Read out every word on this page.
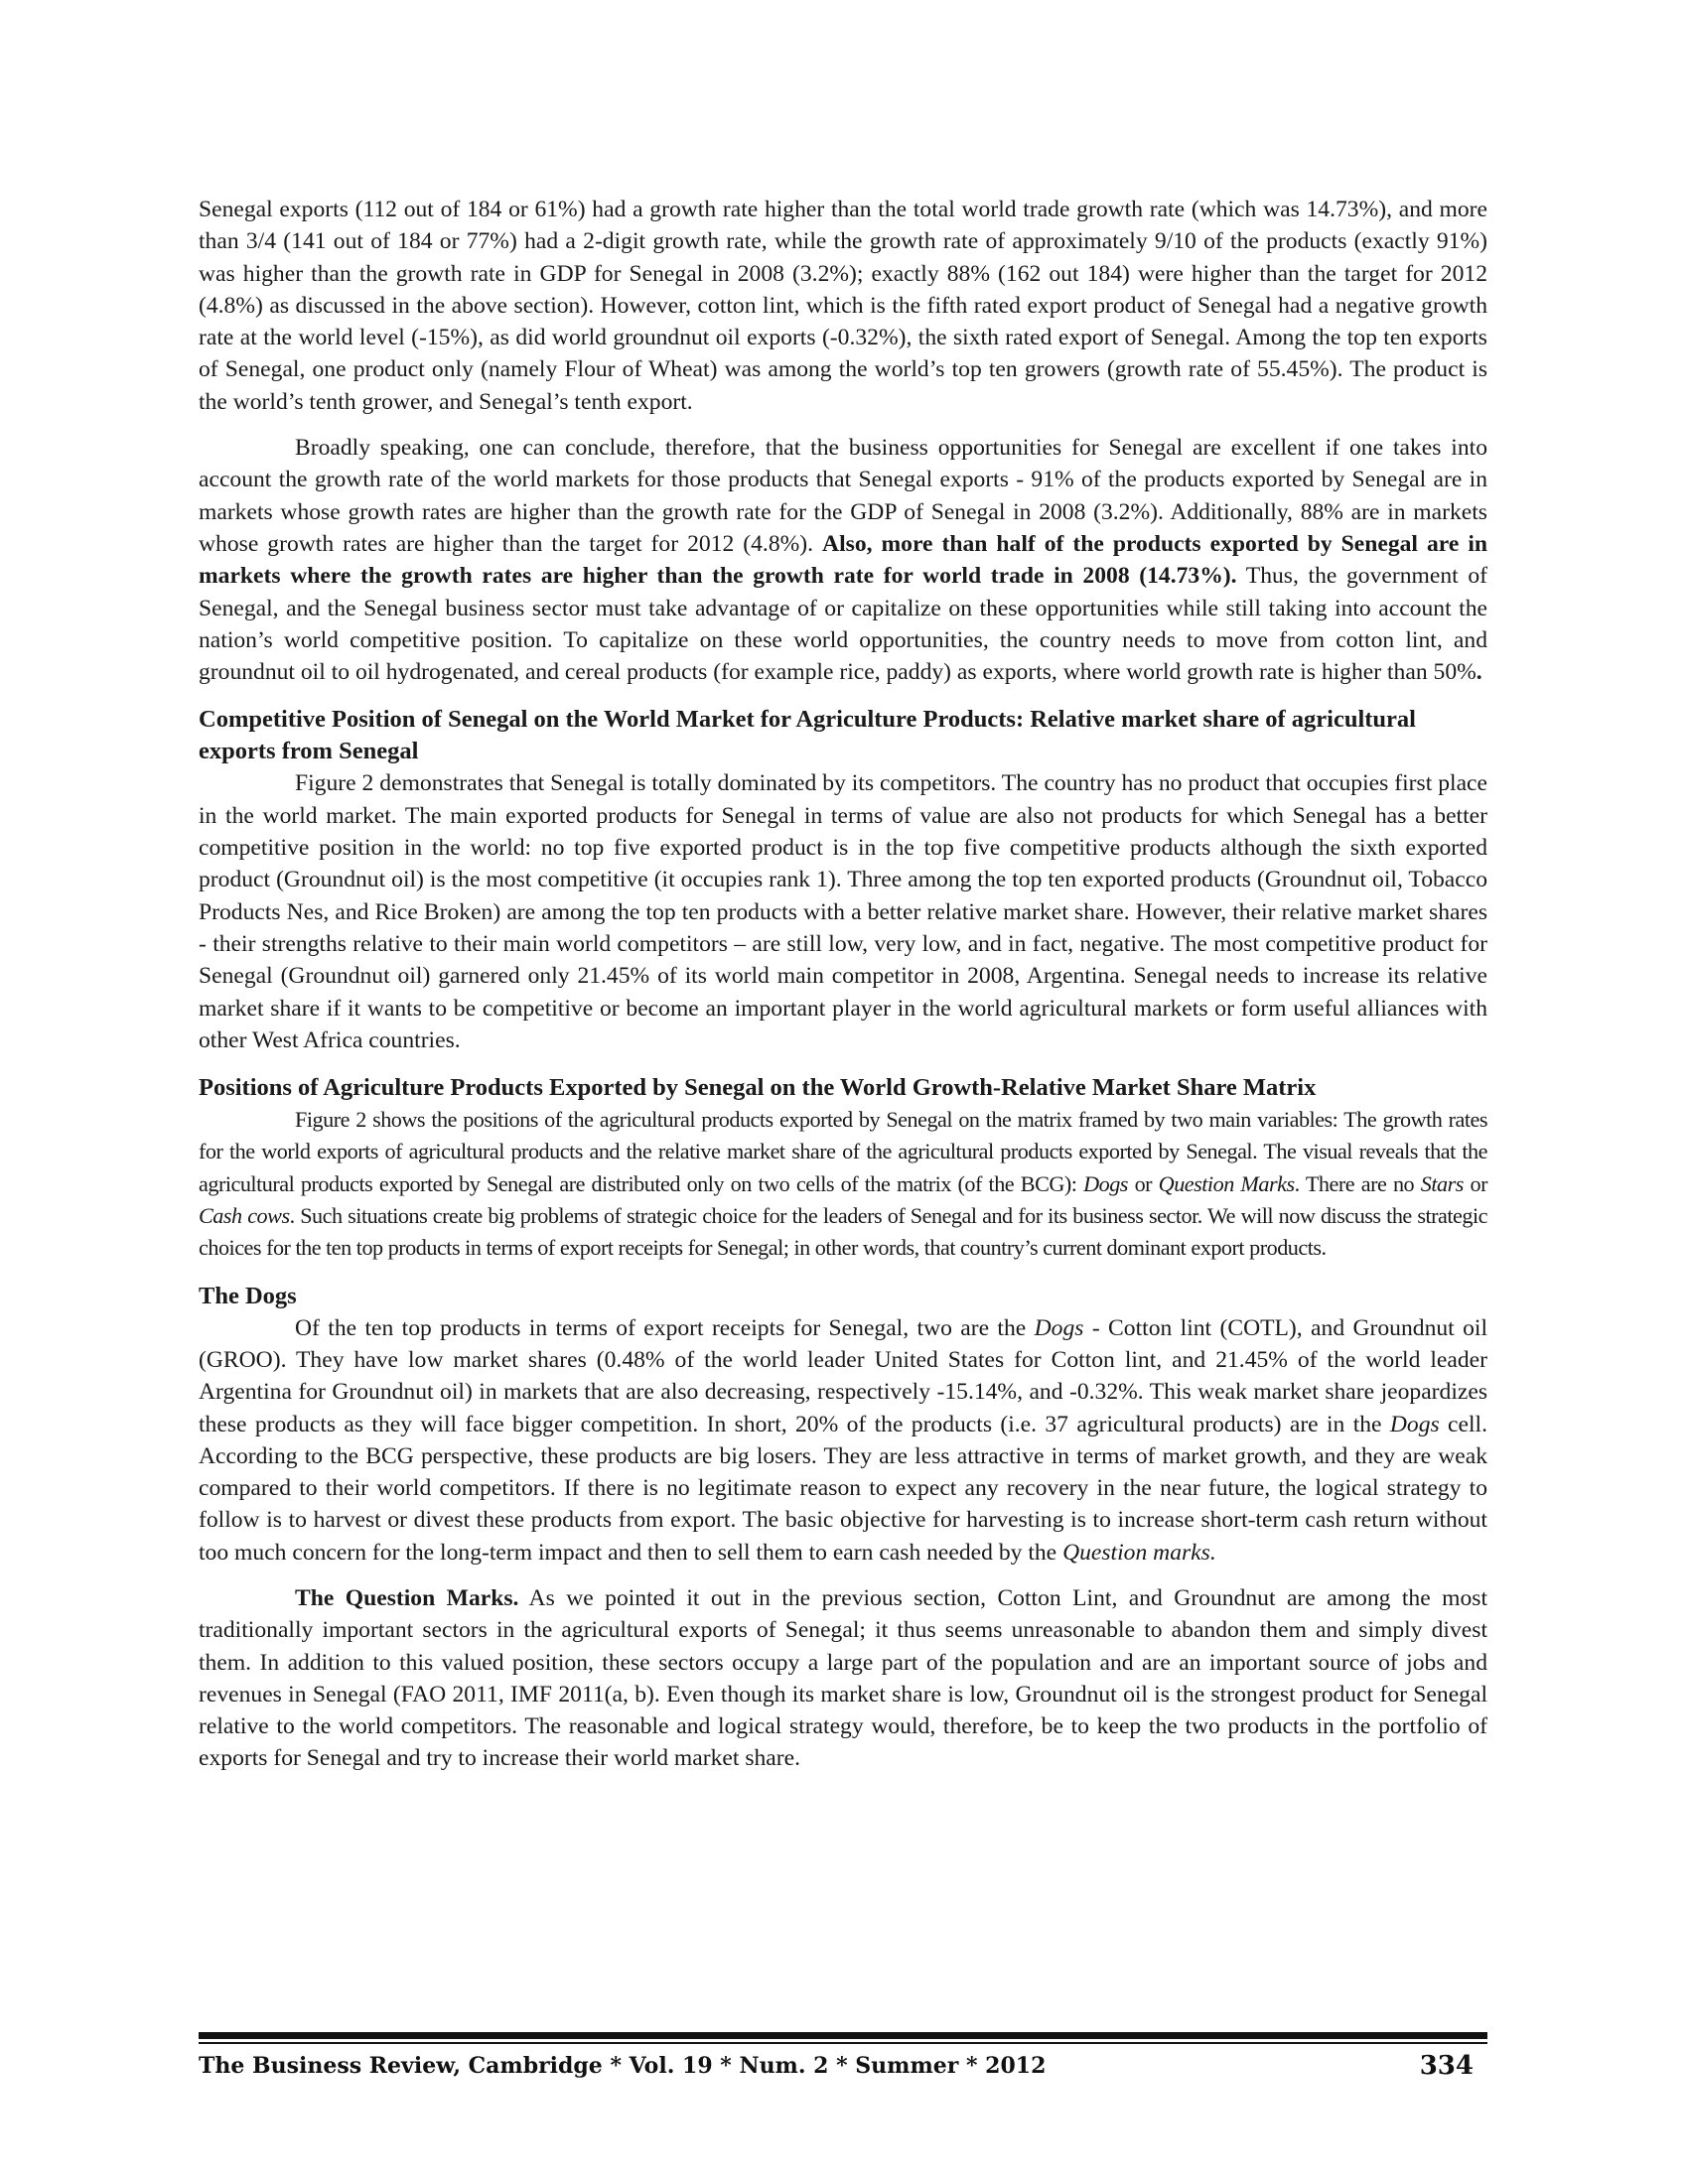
Senegal exports (112 out of 184 or 61%) had a growth rate higher than the total world trade growth rate (which was 14.73%), and more than 3/4 (141 out of 184 or 77%) had a 2-digit growth rate, while the growth rate of approximately 9/10 of the products (exactly 91%) was higher than the growth rate in GDP for Senegal in 2008 (3.2%); exactly 88% (162 out 184) were higher than the target for 2012 (4.8%) as discussed in the above section). However, cotton lint, which is the fifth rated export product of Senegal had a negative growth rate at the world level (-15%), as did world groundnut oil exports (-0.32%), the sixth rated export of Senegal. Among the top ten exports of Senegal, one product only (namely Flour of Wheat) was among the world’s top ten growers (growth rate of 55.45%). The product is the world’s tenth grower, and Senegal’s tenth export.

Broadly speaking, one can conclude, therefore, that the business opportunities for Senegal are excellent if one takes into account the growth rate of the world markets for those products that Senegal exports - 91% of the products exported by Senegal are in markets whose growth rates are higher than the growth rate for the GDP of Senegal in 2008 (3.2%). Additionally, 88% are in markets whose growth rates are higher than the target for 2012 (4.8%). Also, more than half of the products exported by Senegal are in markets where the growth rates are higher than the growth rate for world trade in 2008 (14.73%). Thus, the government of Senegal, and the Senegal business sector must take advantage of or capitalize on these opportunities while still taking into account the nation’s world competitive position. To capitalize on these world opportunities, the country needs to move from cotton lint, and groundnut oil to oil hydrogenated, and cereal products (for example rice, paddy) as exports, where world growth rate is higher than 50%.

Competitive Position of Senegal on the World Market for Agriculture Products: Relative market share of agricultural exports from Senegal

Figure 2 demonstrates that Senegal is totally dominated by its competitors. The country has no product that occupies first place in the world market. The main exported products for Senegal in terms of value are also not products for which Senegal has a better competitive position in the world: no top five exported product is in the top five competitive products although the sixth exported product (Groundnut oil) is the most competitive (it occupies rank 1). Three among the top ten exported products (Groundnut oil, Tobacco Products Nes, and Rice Broken) are among the top ten products with a better relative market share. However, their relative market shares - their strengths relative to their main world competitors – are still low, very low, and in fact, negative. The most competitive product for Senegal (Groundnut oil) garnered only 21.45% of its world main competitor in 2008, Argentina. Senegal needs to increase its relative market share if it wants to be competitive or become an important player in the world agricultural markets or form useful alliances with other West Africa countries.

Positions of Agriculture Products Exported by Senegal on the World Growth-Relative Market Share Matrix

Figure 2 shows the positions of the agricultural products exported by Senegal on the matrix framed by two main variables: The growth rates for the world exports of agricultural products and the relative market share of the agricultural products exported by Senegal. The visual reveals that the agricultural products exported by Senegal are distributed only on two cells of the matrix (of the BCG): Dogs or Question Marks. There are no Stars or Cash cows. Such situations create big problems of strategic choice for the leaders of Senegal and for its business sector. We will now discuss the strategic choices for the ten top products in terms of export receipts for Senegal; in other words, that country’s current dominant export products.

The Dogs

Of the ten top products in terms of export receipts for Senegal, two are the Dogs - Cotton lint (COTL), and Groundnut oil (GROO). They have low market shares (0.48% of the world leader United States for Cotton lint, and 21.45% of the world leader Argentina for Groundnut oil) in markets that are also decreasing, respectively -15.14%, and -0.32%. This weak market share jeopardizes these products as they will face bigger competition. In short, 20% of the products (i.e. 37 agricultural products) are in the Dogs cell. According to the BCG perspective, these products are big losers. They are less attractive in terms of market growth, and they are weak compared to their world competitors. If there is no legitimate reason to expect any recovery in the near future, the logical strategy to follow is to harvest or divest these products from export. The basic objective for harvesting is to increase short-term cash return without too much concern for the long-term impact and then to sell them to earn cash needed by the Question marks.

The Question Marks. As we pointed it out in the previous section, Cotton Lint, and Groundnut are among the most traditionally important sectors in the agricultural exports of Senegal; it thus seems unreasonable to abandon them and simply divest them. In addition to this valued position, these sectors occupy a large part of the population and are an important source of jobs and revenues in Senegal (FAO 2011, IMF 2011(a, b). Even though its market share is low, Groundnut oil is the strongest product for Senegal relative to the world competitors. The reasonable and logical strategy would, therefore, be to keep the two products in the portfolio of exports for Senegal and try to increase their world market share.

The Business Review, Cambridge * Vol. 19 * Num. 2 * Summer * 2012	334
